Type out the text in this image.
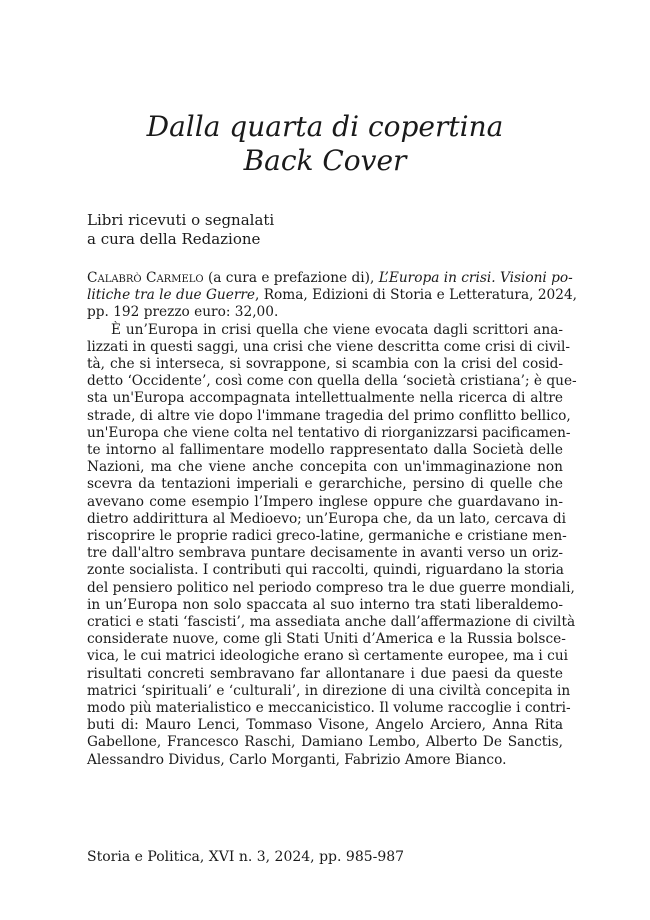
Dalla quarta di copertina
Back Cover
Libri ricevuti o segnalati
a cura della Redazione
Calabrò Carmelo (a cura e prefazione di), L’Europa in crisi. Visioni po-
litiche tra le due Guerre, Roma, Edizioni di Storia e Letteratura, 2024,
pp. 192 prezzo euro: 32,00.
È un’Europa in crisi quella che viene evocata dagli scrittori ana-
lizzati in questi saggi, una crisi che viene descritta come crisi di civil-
tà, che si interseca, si sovrappone, si scambia con la crisi del cosid-
detto ‘Occidente’, così come con quella della ‘società cristiana’; è que-
sta un'Europa accompagnata intellettualmente nella ricerca di altre
strade, di altre vie dopo l'immane tragedia del primo conflitto bellico,
un'Europa che viene colta nel tentativo di riorganizzarsi pacificamen-
te intorno al fallimentare modello rappresentato dalla Società delle
Nazioni, ma che viene anche concepita con un'immaginazione non
scevra da tentazioni imperiali e gerarchiche, persino di quelle che
avevano come esempio l’Impero inglese oppure che guardavano in-
dietro addirittura al Medioevo; un’Europa che, da un lato, cercava di
riscoprire le proprie radici greco-latine, germaniche e cristiane men-
tre dall'altro sembrava puntare decisamente in avanti verso un oriz-
zonte socialista. I contributi qui raccolti, quindi, riguardano la storia
del pensiero politico nel periodo compreso tra le due guerre mondiali,
in un’Europa non solo spaccata al suo interno tra stati liberaldemo-
cratici e stati ‘fascisti’, ma assediata anche dall’affermazione di civiltà
considerate nuove, come gli Stati Uniti d’America e la Russia bolsce-
vica, le cui matrici ideologiche erano sì certamente europee, ma i cui
risultati concreti sembravano far allontanare i due paesi da queste
matrici ‘spirituali’ e ‘culturali’, in direzione di una civiltà concepita in
modo più materialistico e meccanicistico. Il volume raccoglie i contri-
buti di: Mauro Lenci, Tommaso Visone, Angelo Arciero, Anna Rita
Gabellone, Francesco Raschi, Damiano Lembo, Alberto De Sanctis,
Alessandro Dividus, Carlo Morganti, Fabrizio Amore Bianco.
Storia e Politica, XVI n. 3, 2024, pp. 985-987
